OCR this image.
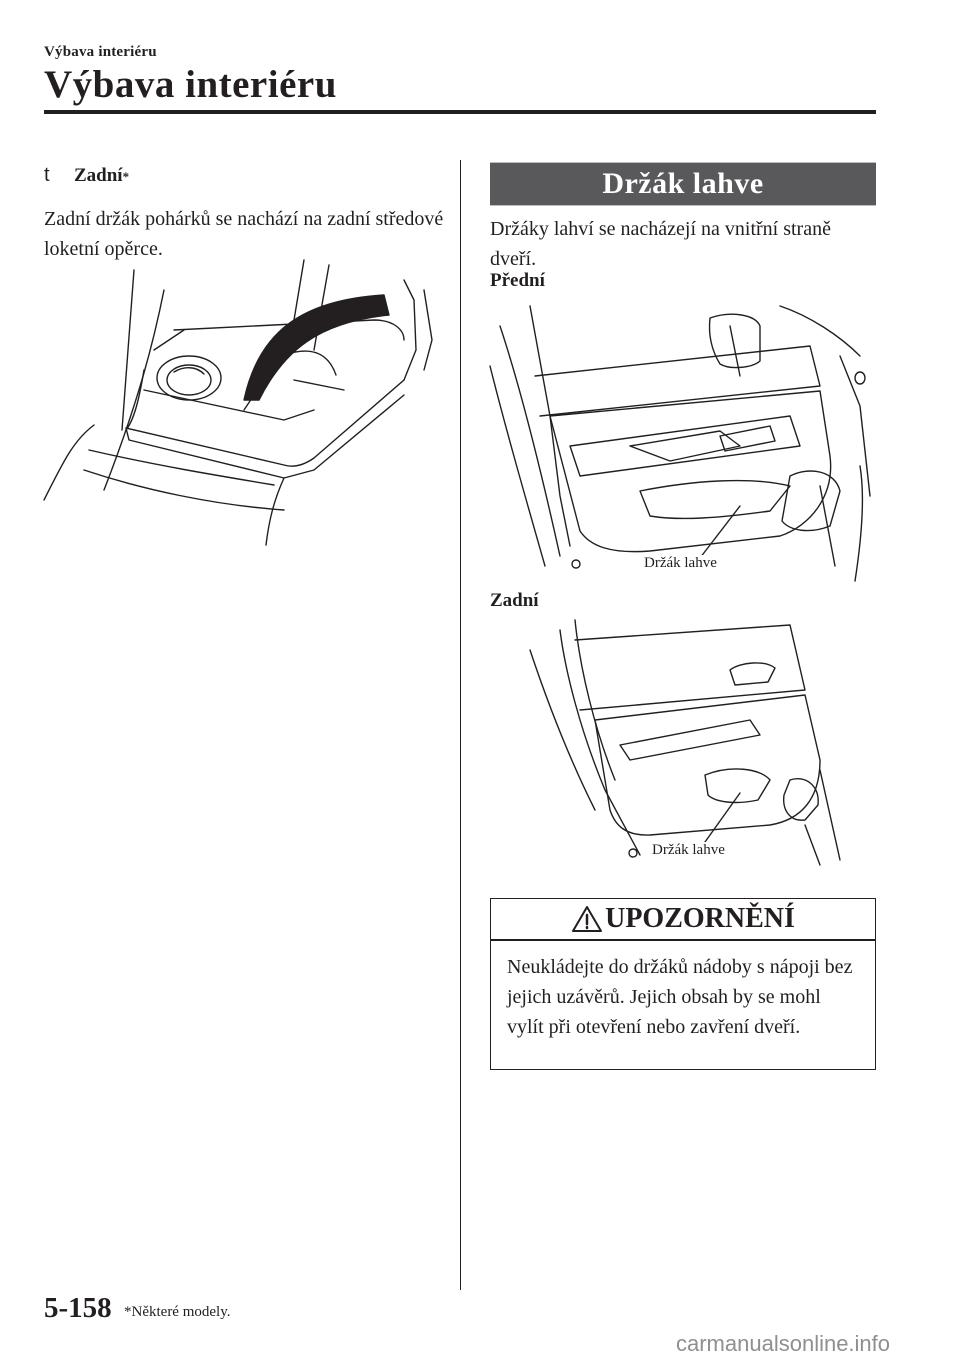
Výbava interiéru
Výbava interiéru
t	Zadní *
Zadní držák pohárků se nachází na zadní středové loketní opěrce.
Držák lahve
Držáky lahví se nacházejí na vnitřní straně dveří.
Přední
Držák lahve
Zadní
Držák lahve
UPOZORNĚNÍ
Neukládejte do držáků nádoby s nápoji bez jejich uzávěrů. Jejich obsah by se mohl vylít při otevření nebo zavření dveří.
5-158 *Některé modely.
carmanualsonline.info
